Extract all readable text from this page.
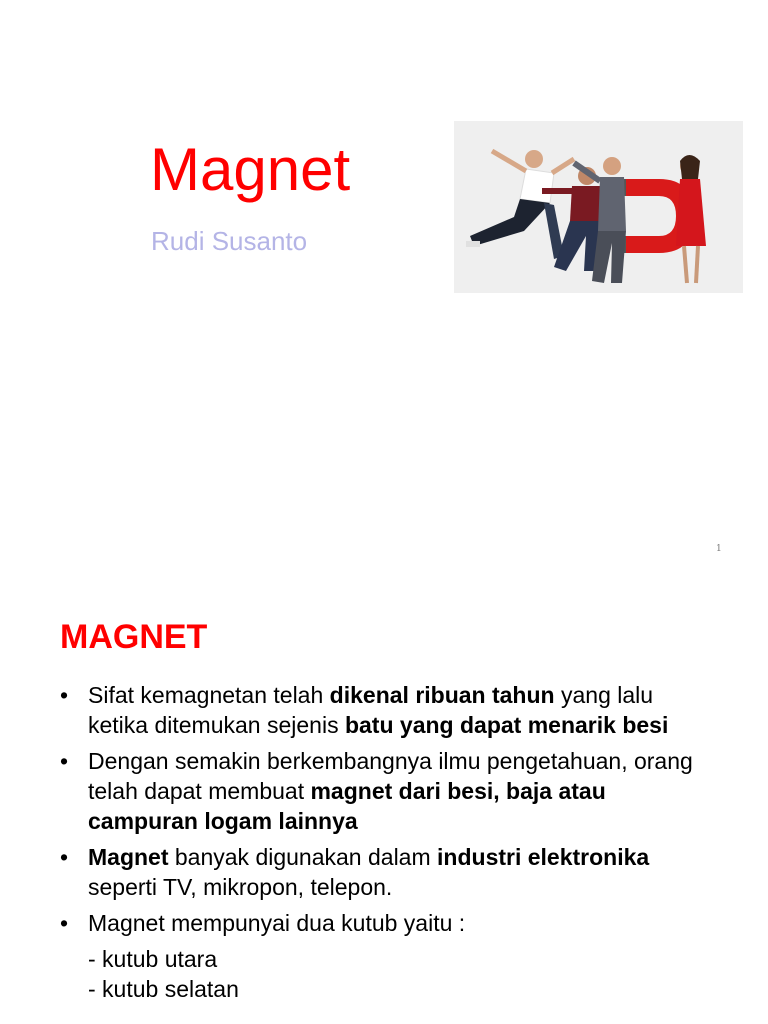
Magnet
Rudi Susanto
1
MAGNET
• Sifat kemagnetan telah dikenal ribuan tahun yang lalu ketika ditemukan sejenis batu yang dapat menarik besi
• Dengan semakin berkembangnya ilmu pengetahuan, orang telah dapat membuat magnet dari besi, baja atau campuran logam lainnya
• Magnet banyak digunakan dalam industri elektronika seperti TV, mikropon, telepon.
• Magnet mempunyai dua kutub yaitu :
- kutub utara
- kutub selatan
